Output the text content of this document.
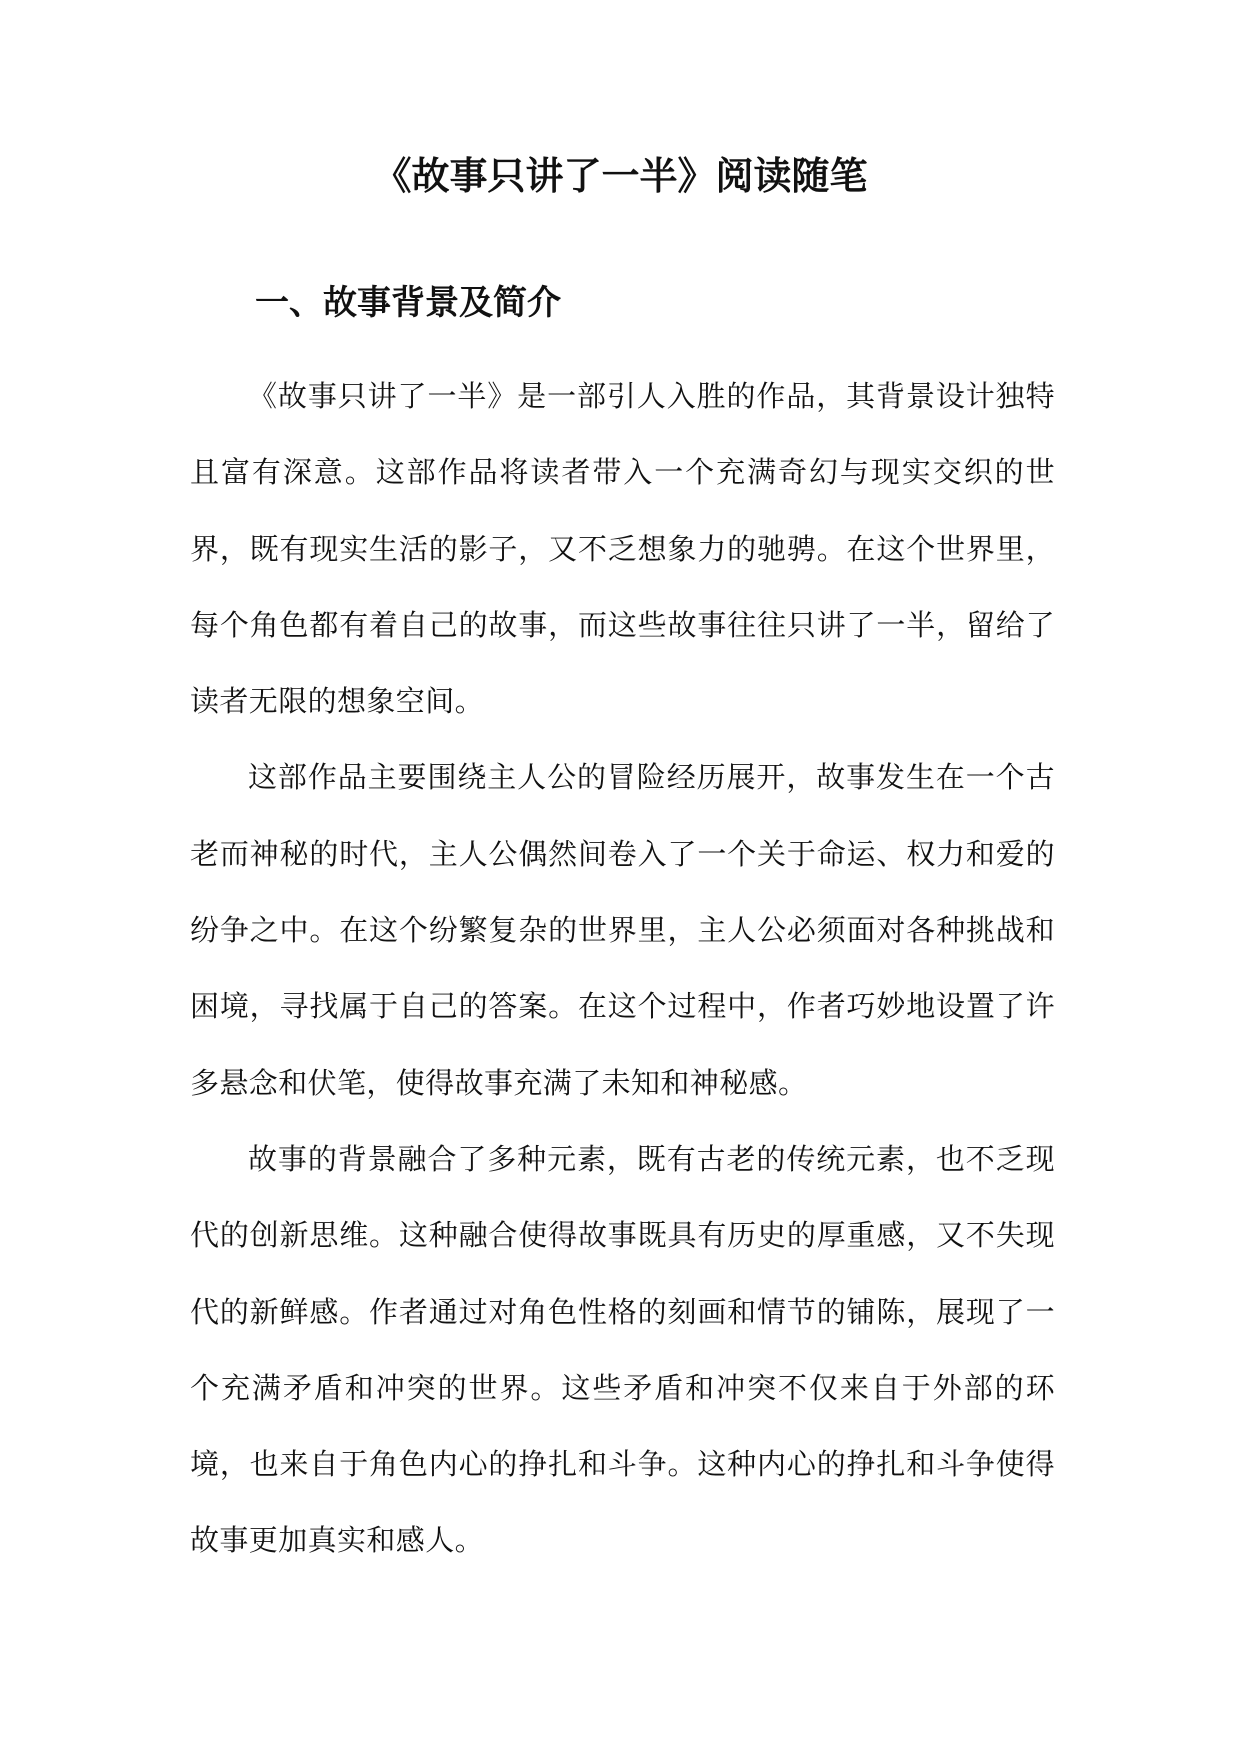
《故事只讲了一半》阅读随笔
一、故事背景及简介

《故事只讲了一半》是一部引人入胜的作品，其背景设计独特且富有深意。这部作品将读者带入一个充满奇幻与现实交织的世界，既有现实生活的影子，又不乏想象力的驰骋。在这个世界里，每个角色都有着自己的故事，而这些故事往往只讲了一半，留给了读者无限的想象空间。

这部作品主要围绕主人公的冒险经历展开，故事发生在一个古老而神秘的时代，主人公偶然间卷入了一个关于命运、权力和爱的纷争之中。在这个纷繁复杂的世界里，主人公必须面对各种挑战和困境，寻找属于自己的答案。在这个过程中，作者巧妙地设置了许多悬念和伏笔，使得故事充满了未知和神秘感。

故事的背景融合了多种元素，既有古老的传统元素，也不乏现代的创新思维。这种融合使得故事既具有历史的厚重感，又不失现代的新鲜感。作者通过对角色性格的刻画和情节的铺陈，展现了一个充满矛盾和冲突的世界。这些矛盾和冲突不仅来自于外部的环境，也来自于角色内心的挣扎和斗争。这种内心的挣扎和斗争使得故事更加真实和感人。
